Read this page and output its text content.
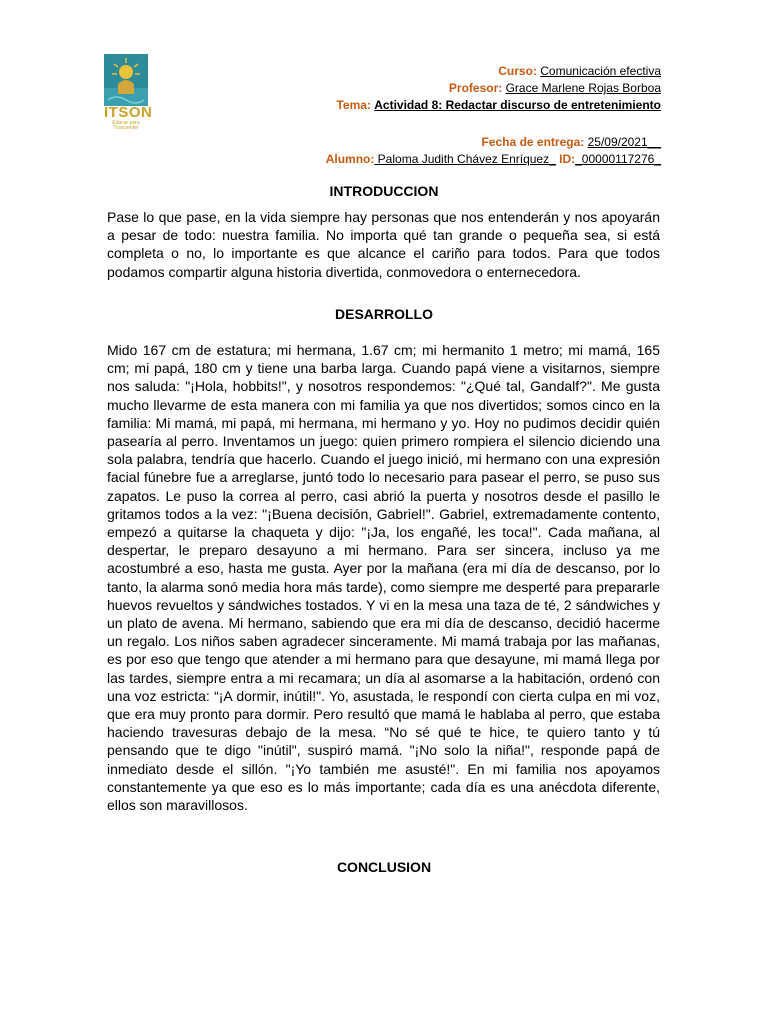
ITSON
Educar para Trascender
Curso: Comunicación efectiva
Profesor: Grace Marlene Rojas Borboa
Tema: Actividad 8: Redactar discurso de entretenimiento
Fecha de entrega: 25/09/2021__
Alumno: Paloma Judith Chávez Enríquez_ ID:_00000117276_
INTRODUCCION
Pase lo que pase, en la vida siempre hay personas que nos entenderán y nos apoyarán a pesar de todo: nuestra familia. No importa qué tan grande o pequeña sea, si está completa o no, lo importante es que alcance el cariño para todos. Para que todos podamos compartir alguna historia divertida, conmovedora o enternecedora.
DESARROLLO
Mido 167 cm de estatura; mi hermana, 1.67 cm; mi hermanito 1 metro; mi mamá, 165 cm; mi papá, 180 cm y tiene una barba larga. Cuando papá viene a visitarnos, siempre nos saluda: "¡Hola, hobbits!", y nosotros respondemos: "¿Qué tal, Gandalf?". Me gusta mucho llevarme de esta manera con mi familia ya que nos divertidos; somos cinco en la familia: Mi mamá, mi papá, mi hermana, mi hermano y yo. Hoy no pudimos decidir quién pasearía al perro. Inventamos un juego: quien primero rompiera el silencio diciendo una sola palabra, tendría que hacerlo. Cuando el juego inició, mi hermano con una expresión facial fúnebre fue a arreglarse, juntó todo lo necesario para pasear el perro, se puso sus zapatos. Le puso la correa al perro, casi abrió la puerta y nosotros desde el pasillo le gritamos todos a la vez: "¡Buena decisión, Gabriel!". Gabriel, extremadamente contento, empezó a quitarse la chaqueta y dijo: "¡Ja, los engañé, les toca!". Cada mañana, al despertar, le preparo desayuno a mi hermano. Para ser sincera, incluso ya me acostumbré a eso, hasta me gusta. Ayer por la mañana (era mi día de descanso, por lo tanto, la alarma sonó media hora más tarde), como siempre me desperté para prepararle huevos revueltos y sándwiches tostados. Y vi en la mesa una taza de té, 2 sándwiches y un plato de avena. Mi hermano, sabiendo que era mi día de descanso, decidió hacerme un regalo. Los niños saben agradecer sinceramente. Mi mamá trabaja por las mañanas, es por eso que tengo que atender a mi hermano para que desayune, mi mamá llega por las tardes, siempre entra a mi recamara; un día al asomarse a la habitación, ordenó con una voz estricta: “¡A dormir, inútil!". Yo, asustada, le respondí con cierta culpa en mi voz, que era muy pronto para dormir. Pero resultó que mamá le hablaba al perro, que estaba haciendo travesuras debajo de la mesa. “No sé qué te hice, te quiero tanto y tú pensando que te digo "inútil", suspiró mamá. "¡No solo la niña!", responde papá de inmediato desde el sillón. "¡Yo también me asusté!". En mi familia nos apoyamos constantemente ya que eso es lo más importante; cada día es una anécdota diferente, ellos son maravillosos.
CONCLUSION
